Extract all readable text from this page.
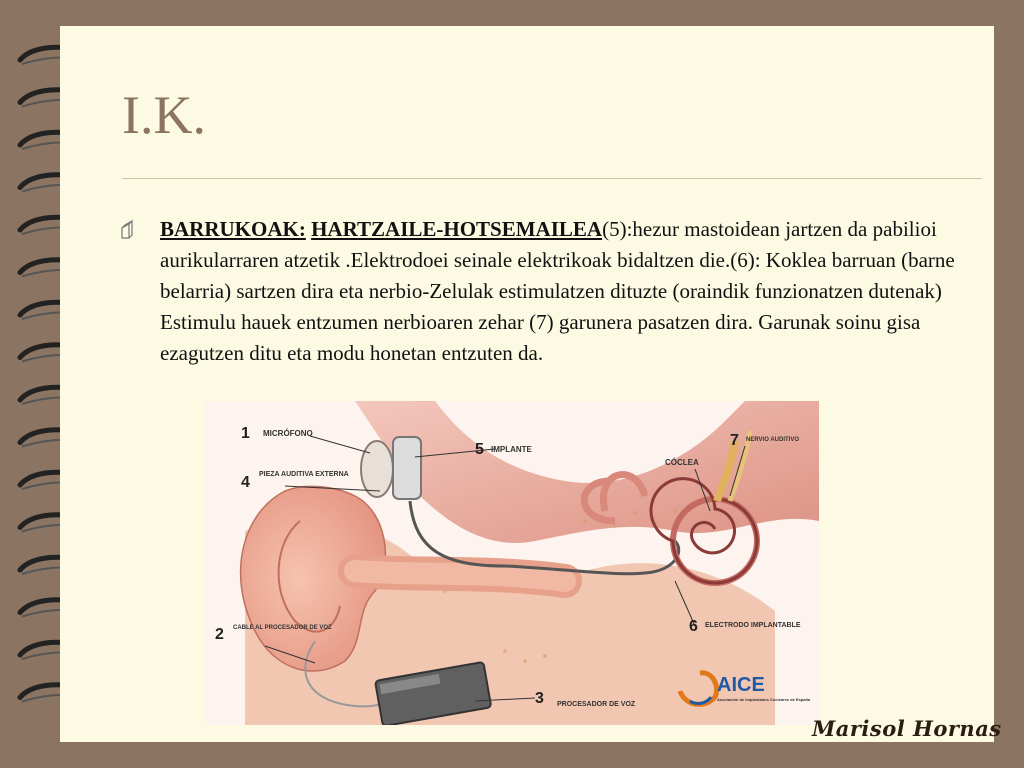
I.K.

BARRUKOAK: HARTZAILE-HOTSEMAILEA(5):hezur mastoidean jartzen da pabilioi aurikularraren atzetik .Elektrodoei seinale elektrikoak bidaltzen die.(6): Koklea barruan (barne belarria) sartzen dira eta nerbio-Zelulak estimulatzen dituzte (oraindik funzionatzen dutenak) Estimulu hauek entzumen nerbioaren zehar (7) garunera pasatzen dira. Garunak soinu gisa ezagutzen ditu eta modu honetan entzuten da.

AICE
Asociación de Implantados Cocleares de España
1 MICRÓFONO
4 PIEZA AUDITIVA EXTERNA
5 IMPLANTE
7 NERVIO AUDITIVO
CÓCLEA
6 ELECTRODO IMPLANTABLE
2 CABLE AL PROCESADOR DE VOZ
3 PROCESADOR DE VOZ
Marisol Hornas
